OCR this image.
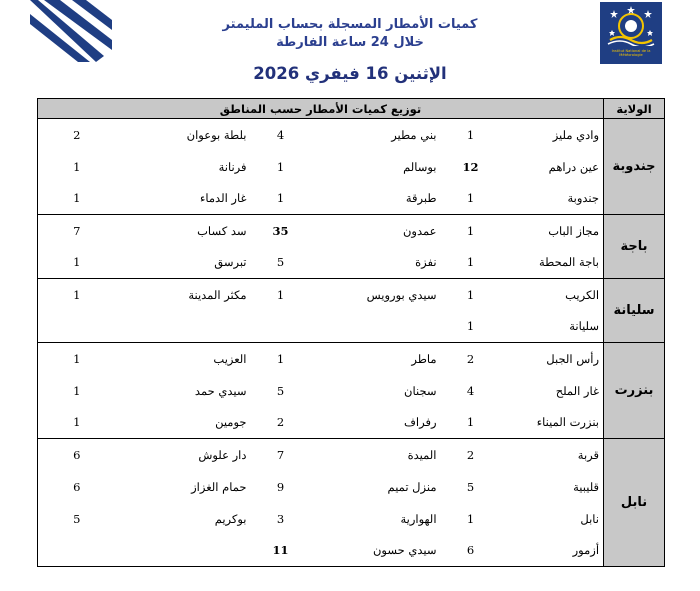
Institut National de la Météorologie
كميات الأمطار المسجلة بحساب المليمتر
خلال 24 ساعة الفارطة
الإثنين 16 فيفري 2026
الولاية	توزيع كميات الأمطار حسب المناطق					
جندوبة	وادي مليز	1	بني مطير	4	بلطة بوعوان	2
	عين دراهم	12	بوسالم	1	فرنانة	1
	جندوبة	1	طبرقة	1	غار الدماء	1
باجة	مجاز الباب	1	عمدون	35	سد كساب	7
	باجة المحطة	1	نفزة	5	تبرسق	1
سليانة	الكريب	1	سيدي بورويس	1	مكثر المدينة	1
	سليانة	1				
بنزرت	رأس الجبل	2	ماطر	1	العزيب	1
	غار الملح	4	سجنان	5	سيدي حمد	1
	بنزرت الميناء	1	رفراف	2	جومين	1
نابل	قربة	2	الميدة	7	دار علوش	6
	قليبية	5	منزل تميم	9	حمام الغزاز	6
	نابل	1	الهوارية	3	بوكريم	5
	أزمور	6	سيدي حسون	11		
